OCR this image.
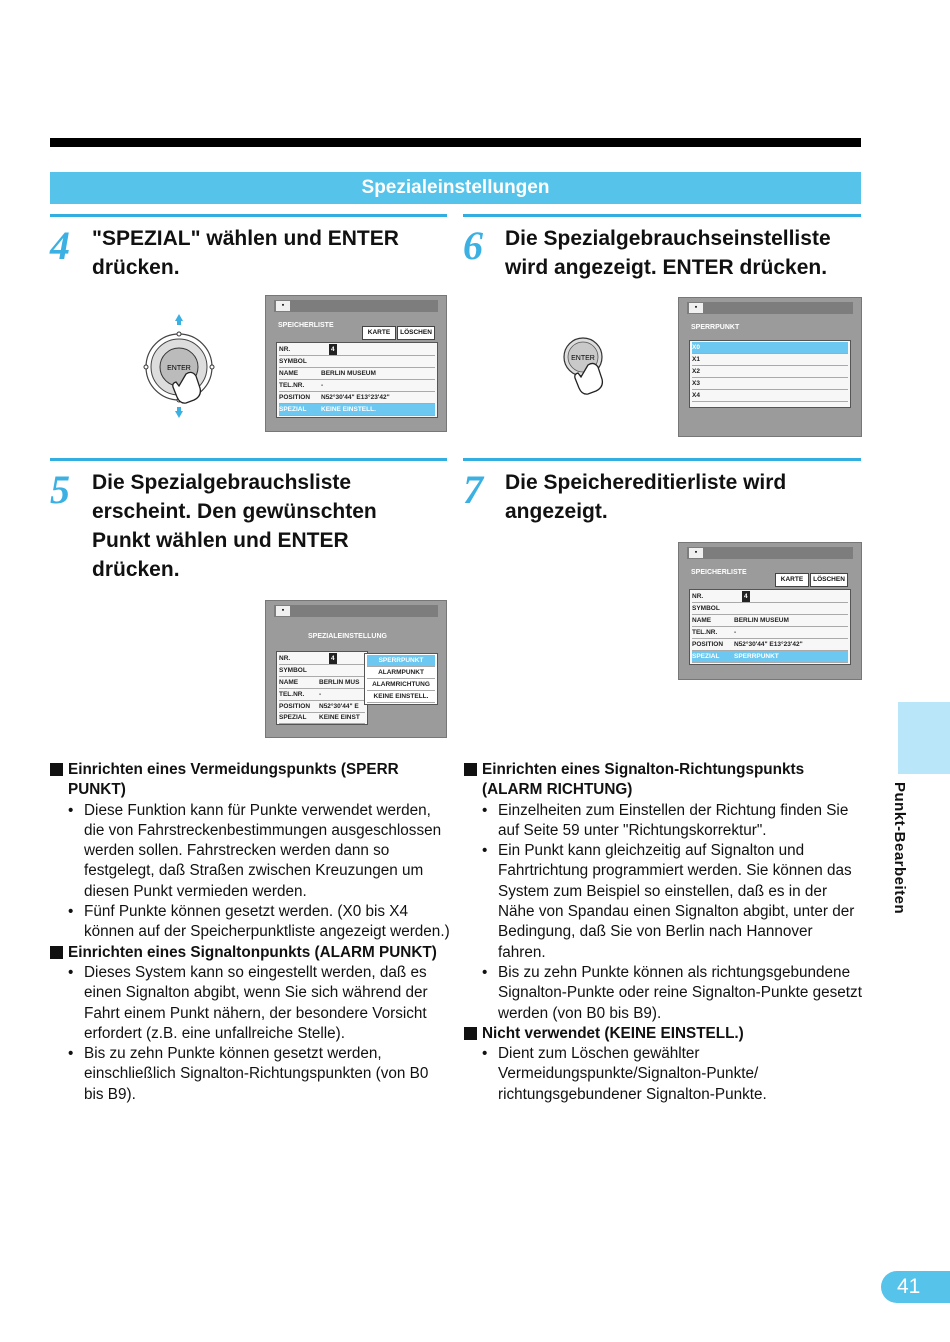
Spezialeinstellungen
4 "SPEZIAL" wählen und ENTER drücken.
ENTER
▪
SPEICHERLISTE
KARTE	LÖSCHEN
NR.	4
SYMBOL
NAME	BERLIN MUSEUM
TEL.NR.	-
POSITION N52°30'44" E13°23'42"
SPEZIAL KEINE EINSTELL.
6 Die Spezialgebrauchseinstelliste wird angezeigt. ENTER drücken.
ENTER
▪
SPERRPUNKT
X0
X1
X2
X3
X4
5 Die Spezialgebrauchsliste erscheint. Den gewünschten Punkt wählen und ENTER drücken.
▪
SPEZIALEINSTELLUNG
NR.	4
SYMBOL
NAME	BERLIN MUS
TEL.NR. -
POSITION N52°30'44" E
SPEZIAL KEINE EINST
SPERRPUNKT
ALARMPUNKT
ALARMRICHTUNG
KEINE EINSTELL.
7 Die Speichereditierliste wird angezeigt.
▪
SPEICHERLISTE
KARTE	LÖSCHEN
NR.	4
SYMBOL
NAME	BERLIN MUSEUM
TEL.NR.	-
POSITION N52°30'44" E13°23'42"
SPEZIAL SPERRPUNKT
Einrichten eines Vermeidungspunkts (SPERR PUNKT)
• Diese Funktion kann für Punkte verwendet werden, die von Fahrstreckenbestimmungen ausgeschlossen werden sollen. Fahrstrecken werden dann so festgelegt, daß Straßen zwischen Kreuzungen um diesen Punkt vermieden werden.
• Fünf Punkte können gesetzt werden. (X0 bis X4 können auf der Speicherpunktliste angezeigt werden.)
Einrichten eines Signaltonpunkts (ALARM PUNKT)
• Dieses System kann so eingestellt werden, daß es einen Signalton abgibt, wenn Sie sich während der Fahrt einem Punkt nähern, der besondere Vorsicht erfordert (z.B. eine unfallreiche Stelle).
• Bis zu zehn Punkte können gesetzt werden, einschließlich Signalton-Richtungspunkten (von B0 bis B9).
Einrichten eines Signalton-Richtungspunkts (ALARM RICHTUNG)
• Einzelheiten zum Einstellen der Richtung finden Sie auf Seite 59 unter "Richtungskorrektur".
• Ein Punkt kann gleichzeitig auf Signalton und Fahrtrichtung programmiert werden. Sie können das System zum Beispiel so einstellen, daß es in der Nähe von Spandau einen Signalton abgibt, unter der Bedingung, daß Sie von Berlin nach Hannover fahren.
• Bis zu zehn Punkte können als richtungsgebundene Signalton-Punkte oder reine Signalton-Punkte gesetzt werden (von B0 bis B9).
Nicht verwendet (KEINE EINSTELL.)
• Dient zum Löschen gewählter Vermeidungspunkte/Signalton-Punkte/ richtungsgebundener Signalton-Punkte.
Punkt-Bearbeiten
41
